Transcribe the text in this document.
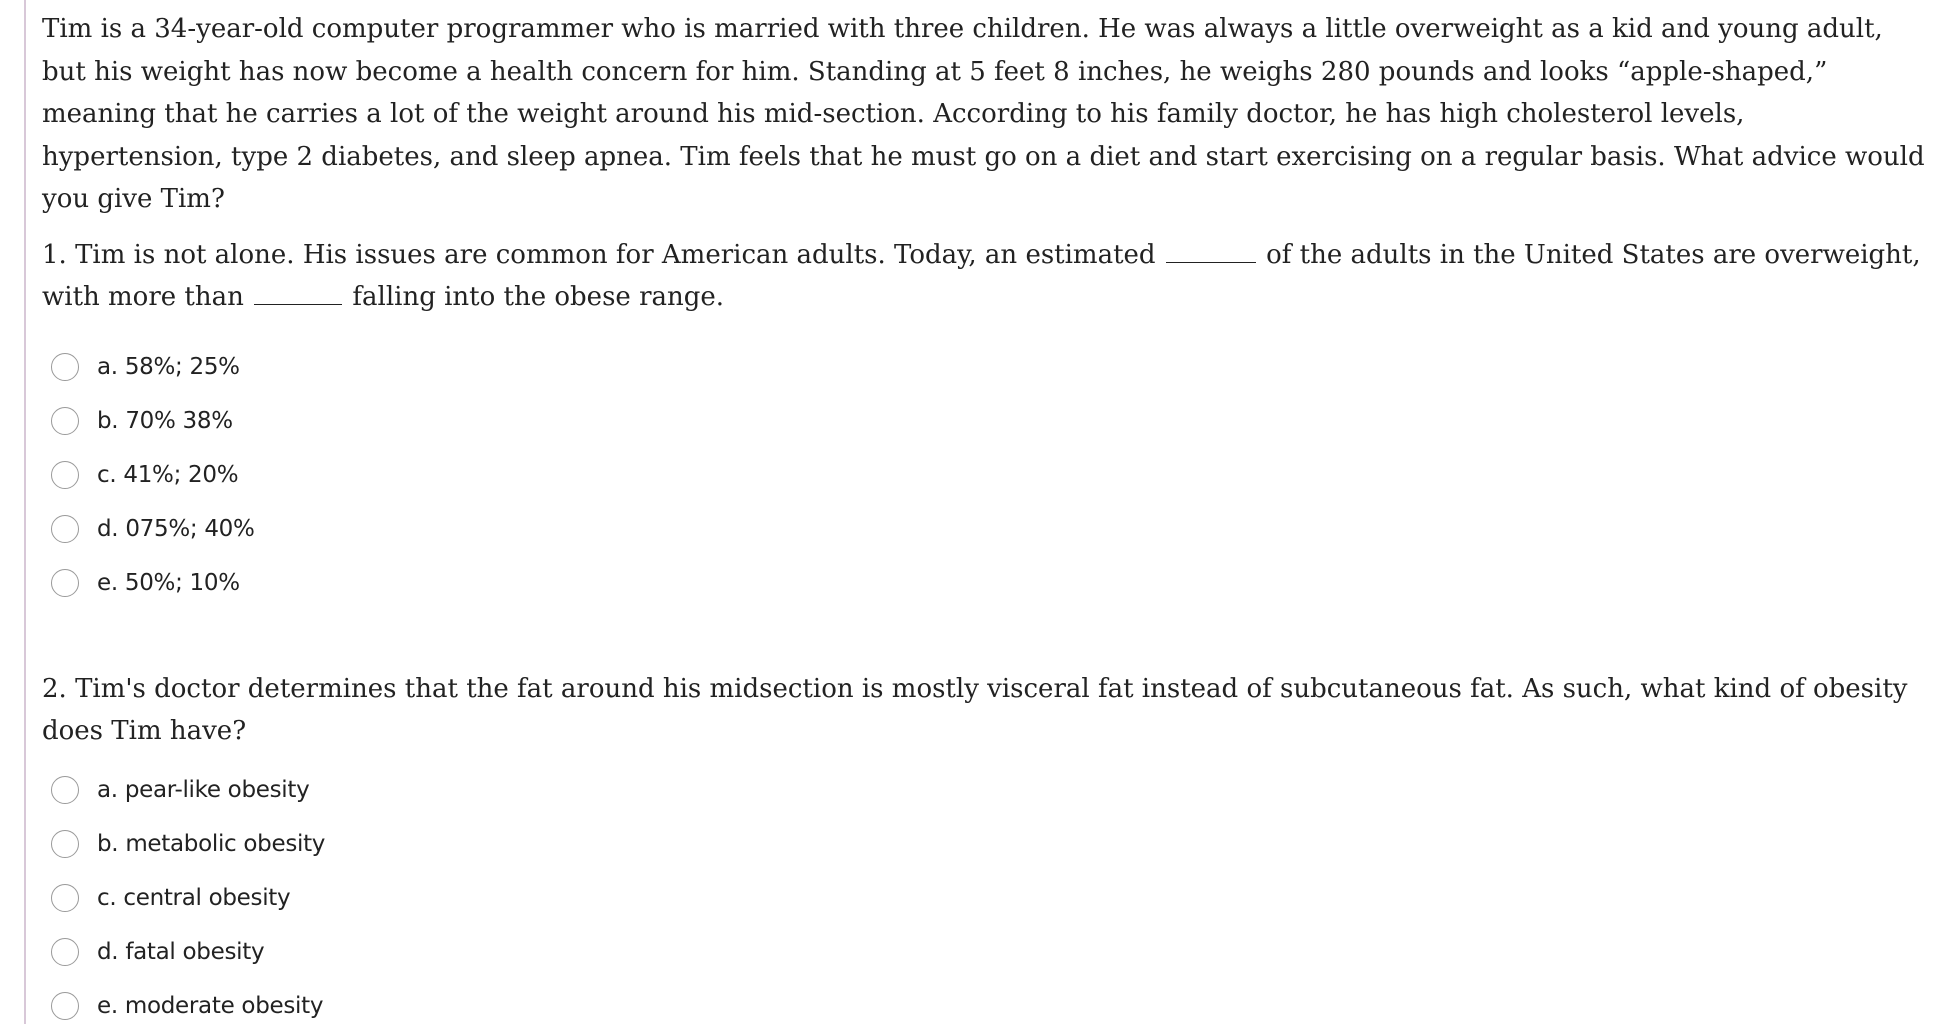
Tim is a 34-year-old computer programmer who is married with three children. He was always a little overweight as a kid and young adult, but his weight has now become a health concern for him. Standing at 5 feet 8 inches, he weighs 280 pounds and looks “apple-shaped,” meaning that he carries a lot of the weight around his mid-section. According to his family doctor, he has high cholesterol levels, hypertension, type 2 diabetes, and sleep apnea. Tim feels that he must go on a diet and start exercising on a regular basis. What advice would you give Tim?

1. Tim is not alone. His issues are common for American adults. Today, an estimated	of the adults in the United States are overweight, with more than	falling into the obese range.

a. 58%; 25%
b. 70% 38%
c. 41%; 20%
d. 075%; 40%
e. 50%; 10%

2. Tim's doctor determines that the fat around his midsection is mostly visceral fat instead of subcutaneous fat. As such, what kind of obesity does Tim have?

a. pear-like obesity
b. metabolic obesity
c. central obesity
d. fatal obesity
e. moderate obesity
